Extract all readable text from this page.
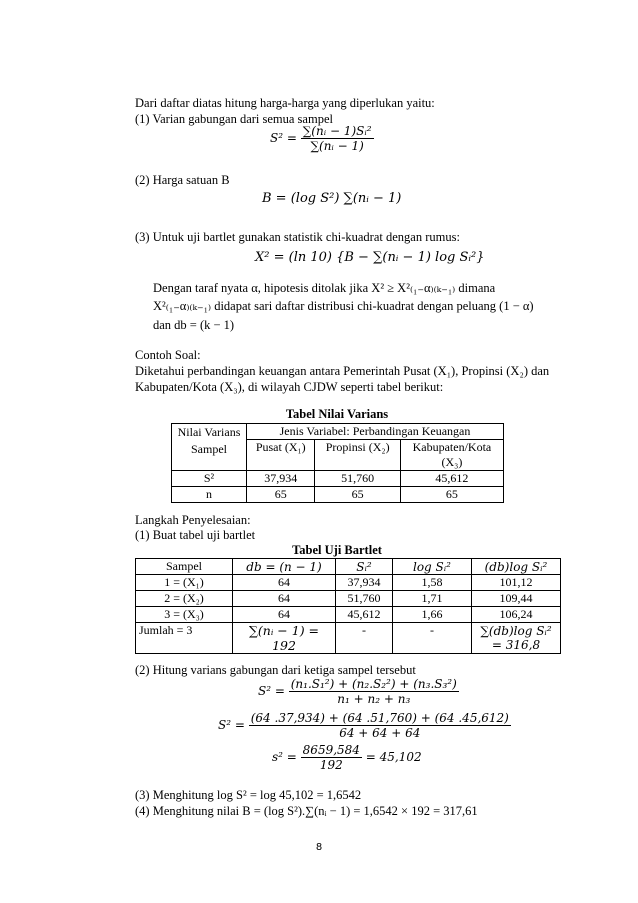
Dari daftar diatas hitung harga-harga yang diperlukan yaitu:
(1) Varian gabungan dari semua sampel
$S^2 = \frac{\text{∑(nᵢ − 1)Sᵢ²}}{\text{∑(nᵢ − 1)}}$
(2) Harga satuan B
B = (log S²) ∑(nᵢ − 1)
(3) Untuk uji bartlet gunakan statistik chi-kuadrat dengan rumus:
X² = (ln 10) {B − ∑(nᵢ − 1) log Sᵢ²}
Dengan taraf nyata α, hipotesis ditolak jika X² ≥ X²₍₁₋α₎₍ₖ₋₁₎ dimana
X²₍₁₋α₎₍ₖ₋₁₎ didapat sari daftar distribusi chi-kuadrat dengan peluang (1 − α)
dan db = (k − 1)
Contoh Soal:
Diketahui perbandingan keuangan antara Pemerintah Pusat (X₁), Propinsi (X₂) dan
Kabupaten/Kota (X₃), di wilayah CJDW seperti tabel berikut:
Tabel Nilai Varians
Nilai Varians
Sampel	Jenis Variabel: Perbandingan Keuangan		
	Pusat (X₁)	Propinsi (X₂)	Kabupaten/Kota
(X₃)

S²	37,934	51,760	45,612
n	65	65	65
Langkah Penyelesaian:
(1) Buat tabel uji bartlet
Tabel Uji Bartlet
Sampel	db = (n − 1)	Sᵢ²	log Sᵢ²	(db)log Sᵢ²
1 = (X₁)	64	37,934	1,58	101,12
2 = (X₂)	64	51,760	1,71	109,44
3 = (X₃)	64	45,612	1,66	106,24
Jumlah = 3	∑(nᵢ − 1) = 192	-	-	∑(db)log Sᵢ² = 316,8
(2) Hitung varians gabungan dari ketiga sampel tersebut
$S^2 = \frac{\text{(n₁.S₁²) + (n₂.S₂²) + (n₃.S₃²)}}{\text{n₁ + n₂ + n₃}}$
$S^2 = \frac{(64 .37,934) + (64 .51,760) + (64 .45,612)}{64 + 64 + 64}$
$s^2 = \frac{8659,584}{192} = 45,102$
(3) Menghitung log S² = log 45,102 = 1,6542
(4) Menghitung nilai B = (log S²).∑(nᵢ − 1) = 1,6542 × 192 = 317,61
8
